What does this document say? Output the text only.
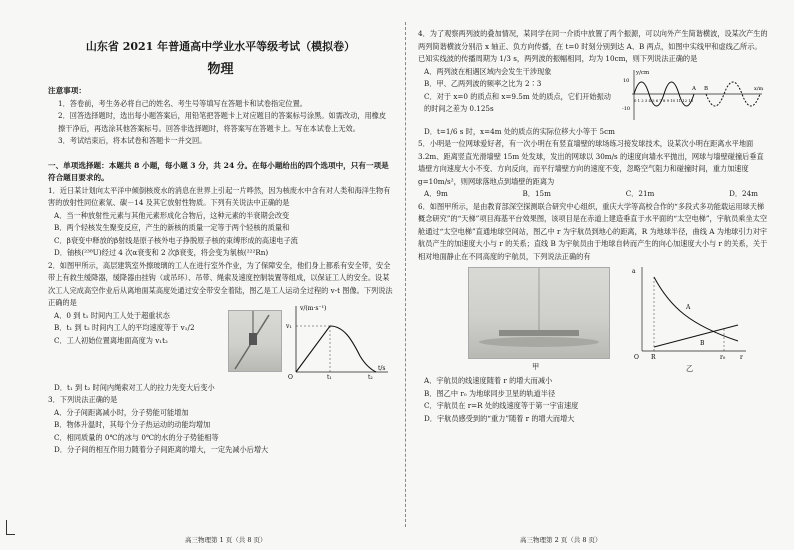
山东省 2021 年普通高中学业水平等级考试（模拟卷）

物理

注意事项：

1．答卷前，考生务必将自己的姓名、考生号等填写在答题卡和试卷指定位置。

2．回答选择题时，选出每小题答案后，用铅笔把答题卡上对应题目的答案标号涂黑。如需改动，用橡皮擦干净后，再选涂其他答案标号。回答非选择题时，将答案写在答题卡上。写在本试卷上无效。

3．考试结束后，将本试卷和答题卡一并交回。

一、单项选择题：本题共 8 小题，每小题 3 分，共 24 分。在每小题给出的四个选项中，只有一项是符合题目要求的。

1．近日某计划向太平洋中倾倒核废水的消息在世界上引起一片哗然，因为核废水中含有对人类和海洋生物有害的放射性同位素氚、碳－14 及其它放射性物质。下列有关说法中正确的是

A．当一种放射性元素与其他元素形成化合物后，这种元素的半衰期会改变

B．两个轻核发生聚变反应，产生的新核的质量一定等于两个轻核的质量和

C．β衰变中释放的β射线是原子核外电子挣脱原子核的束缚形成的高速电子流

D．铀核(²³⁸U)经过 4 次α衰变和 2 次β衰变，将会变为氡核(²²²Rn)

2．如图甲所示，高层建筑室外擦玻璃的工人在进行室外作业，为了保障安全，他们身上都系有安全带，安全带上有救生缓降器，缓降器由挂钩（或吊环）、吊带、绳索及速度控制装置等组成，以保证工人的安全。设某次工人完成高空作业后从离地面某高度处通过安全带安全着陆，图乙是工人运动全过程的 v-t 图像。下列说法正确的是

A．0 到 t₁ 时间内工人处于超重状态

B．t₁ 到 t₂ 时间内工人的平均速度等于 v₁/2

C．工人初始位置离地面高度为 v₁t₂

v/(m·s⁻¹)
v₁
t₁	t₂
t/s
O

D．t₁ 到 t₂ 时间内绳索对工人的拉力先变大后变小

3．下列说法正确的是

A．分子间距离减小时，分子势能可能增加

B．物体升温时，其每个分子热运动的动能均增加

C．相同质量的 0℃的冰与 0℃的水的分子势能相等

D．分子间的相互作用力随着分子间距离的增大，一定先减小后增大

高三物理第 1 页（共 8 页）

4．为了观察两列波的叠加情况，某同学在同一介质中放置了两个振源，可以向外产生简谐横波，设某次产生的两列简谐横波分别沿 x 轴正、负方向传播，在 t=0 时刻分别到达 A、B 两点，如图中实线甲和虚线乙所示。已知实线波的传播周期为 1/3 s，两列波的振幅相同，均为 10cm，则下列说法正确的是

A．两列波在相遇区域内会发生干涉现象

B．甲、乙两列波的频率之比为 2∶3

C．对于 x=0 的质点和 x=9.5m 处的质点，它们开始振动的时间之差为 0.125s

y/cm
10
-10
0 1 2 3 4 5 6 7 8 9 10 11 12 13
x/m
A B

D．t=1/6 s 时，x=4m 处的质点的实际位移大小等于 5cm

5．小明是一位网球爱好者，有一次小明在有竖直墙壁的球场练习接发球技术，设某次小明在距离水平地面 3.2m、距离竖直光滑墙壁 15m 处发球，发出的网球以 30m/s 的速度向墙水平抛出，网球与墙壁碰撞后垂直墙壁方向速度大小不变、方向反向，而平行墙壁方向的速度不变，忽略空气阻力和碰撞时间，重力加速度 g=10m/s²，则网球落地点到墙壁的距离为

A．9m	B．15m	C．21m	D．24m

6．如图甲所示，是由教育部深空探测联合研究中心组织，重庆大学等高校合作的“多段式多功能载运用球天梯概念研究”的“天梯”项目海基平台效果图，该项目是在赤道上建造垂直于水平面的“太空电梯”，宇航员乘坐太空舱通过“太空电梯”直通地球空间站，图乙中 r 为宇航员到地心的距离，R 为地球半径，曲线 A 为地球引力对宇航员产生的加速度大小与 r 的关系；直线 B 为宇航员由于地球自转而产生的向心加速度大小与 r 的关系，关于相对地面静止在不同高度的宇航员，下列说法正确的有

甲
a
A
B
R	r₀ r
O
乙

A．宇航员的线速度随着 r 的增大而减小

B．图乙中 r₀ 为地球同步卫星的轨道半径

C．宇航员在 r=R 处的线速度等于第一宇宙速度

D．宇航员感受到的“重力”随着 r 的增大而增大

高三物理第 2 页（共 8 页）
